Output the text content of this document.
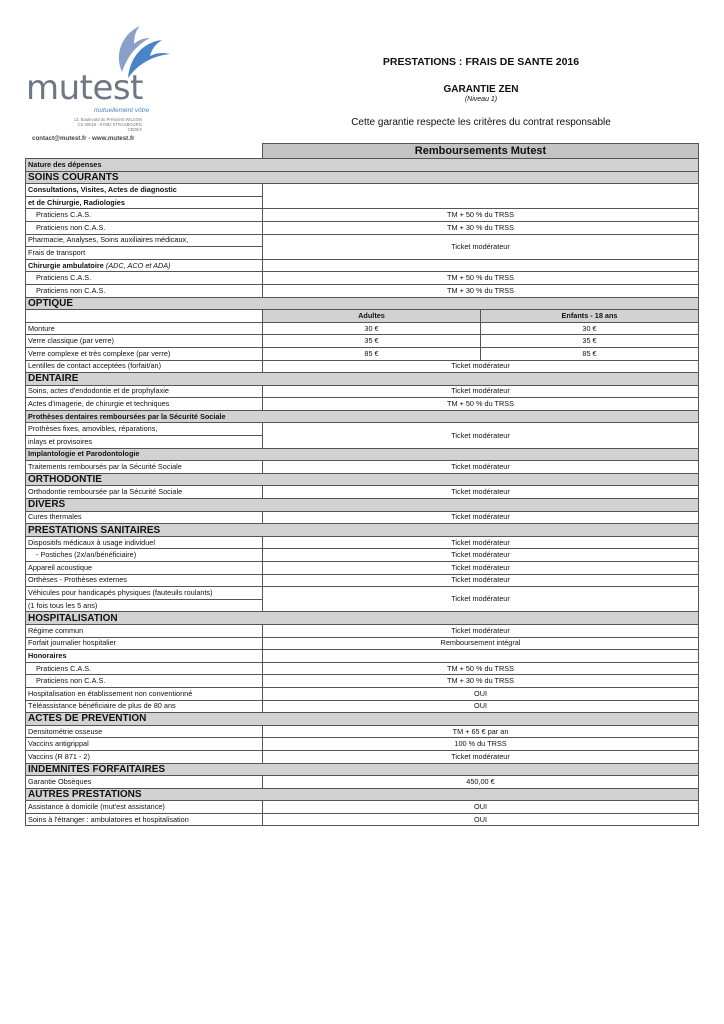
mutest
mutuellement vôtre
13, Boulevard du Président WILSON
CS 60019 - 67082 STRASBOURG CEDEX
contact@mutest.fr - www.mutest.fr
PRESTATIONS : FRAIS DE SANTE 2016
GARANTIE ZEN
(Niveau 1)
Cette garantie respecte les critères du contrat responsable
	Remboursements Mutest	
Nature des dépenses		
SOINS COURANTS		
Consultations, Visites, Actes de diagnostic		
et de Chirurgie, Radiologies		
Praticiens C.A.S.	TM + 50 % du TRSS	
Praticiens non C.A.S.	TM + 30 % du TRSS	
Pharmacie, Analyses, Soins auxiliaires médicaux,	Ticket modérateur	
Frais de transport		
Chirurgie ambulatoire (ADC, ACO et ADA)		
Praticiens C.A.S.	TM + 50 % du TRSS	
Praticiens non C.A.S.	TM + 30 % du TRSS	
OPTIQUE		
	Adultes	Enfants - 18 ans
Monture	30 €	30 €
Verre classique (par verre)	35 €	35 €
Verre complexe et très complexe (par verre)	85 €	85 €
Lentilles de contact acceptées (forfait/an)	Ticket modérateur	
DENTAIRE		
Soins, actes d'endodontie et de prophylaxie	Ticket modérateur	
Actes d'imagerie, de chirurgie et techniques	TM + 50 % du TRSS	
Prothèses dentaires remboursées par la Sécurité Sociale		
Prothèses fixes, amovibles, réparations,	Ticket modérateur	
inlays et provisoires		
Implantologie et Parodontologie		
Traitements remboursés par la Sécurité Sociale	Ticket modérateur	
ORTHODONTIE		
Orthodontie remboursée par la Sécurité Sociale	Ticket modérateur	
DIVERS		
Cures thermales	Ticket modérateur	
PRESTATIONS SANITAIRES		
Dispositifs médicaux à usage individuel	Ticket modérateur	
- Postiches (2x/an/bénéficiaire)	Ticket modérateur	
Appareil acoustique	Ticket modérateur	
Orthèses - Prothèses externes	Ticket modérateur	
Véhicules pour handicapés physiques (fauteuils roulants)	Ticket modérateur	
(1 fois tous les 5 ans)		
HOSPITALISATION		
Régime commun	Ticket modérateur	
Forfait journalier hospitalier	Remboursement intégral	
Honoraires		
Praticiens C.A.S.	TM + 50 % du TRSS	
Praticiens non C.A.S.	TM + 30 % du TRSS	
Hospitalisation en établissement non conventionné	OUI	
Téléassistance bénéficiaire de plus de 80 ans	OUI	
ACTES DE PREVENTION		
Densitométrie osseuse	TM + 65 € par an	
Vaccins antigrippal	100 % du TRSS	
Vaccins (R 871 - 2)	Ticket modérateur	
INDEMNITES FORFAITAIRES		
Garantie Obsèques	450,00 €	
AUTRES PRESTATIONS		
Assistance à domicile (mut'est assistance)	OUI	
Soins à l'étranger : ambulatoires et hospitalisation	OUI	
